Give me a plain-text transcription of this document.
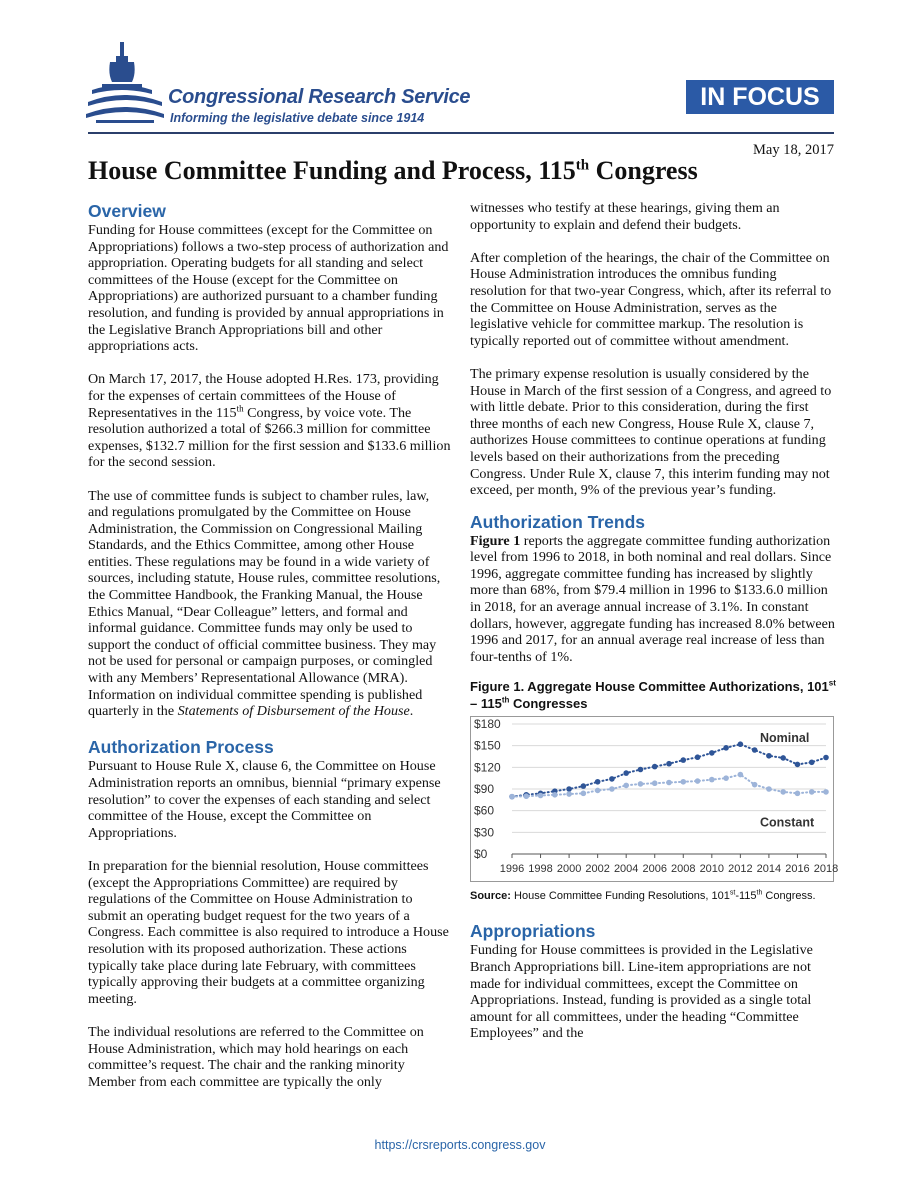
Congressional Research Service
Informing the legislative debate since 1914
IN FOCUS
May 18, 2017
House Committee Funding and Process, 115th Congress
Overview

Funding for House committees (except for the Committee on Appropriations) follows a two-step process of authorization and appropriation. Operating budgets for all standing and select committees of the House (except for the Committee on Appropriations) are authorized pursuant to a chamber funding resolution, and funding is provided by annual appropriations in the Legislative Branch Appropriations bill and other appropriations acts.

On March 17, 2017, the House adopted H.Res. 173, providing for the expenses of certain committees of the House of Representatives in the 115th Congress, by voice vote. The resolution authorized a total of $266.3 million for committee expenses, $132.7 million for the first session and $133.6 million for the second session.

The use of committee funds is subject to chamber rules, law, and regulations promulgated by the Committee on House Administration, the Commission on Congressional Mailing Standards, and the Ethics Committee, among other House entities. These regulations may be found in a wide variety of sources, including statute, House rules, committee resolutions, the Committee Handbook, the Franking Manual, the House Ethics Manual, “Dear Colleague” letters, and formal and informal guidance. Committee funds may only be used to support the conduct of official committee business. They may not be used for personal or campaign purposes, or comingled with any Members’ Representational Allowance (MRA). Information on individual committee spending is published quarterly in the Statements of Disbursement of the House.

Authorization Process

Pursuant to House Rule X, clause 6, the Committee on House Administration reports an omnibus, biennial “primary expense resolution” to cover the expenses of each standing and select committee of the House, except the Committee on Appropriations.

In preparation for the biennial resolution, House committees (except the Appropriations Committee) are required by regulations of the Committee on House Administration to submit an operating budget request for the two years of a Congress. Each committee is also required to introduce a House resolution with its proposed authorization. These actions typically take place during late February, with committees typically approving their budgets at a committee organizing meeting.

The individual resolutions are referred to the Committee on House Administration, which may hold hearings on each committee’s request. The chair and the ranking minority Member from each committee are typically the only

witnesses who testify at these hearings, giving them an opportunity to explain and defend their budgets.

After completion of the hearings, the chair of the Committee on House Administration introduces the omnibus funding resolution for that two-year Congress, which, after its referral to the Committee on House Administration, serves as the legislative vehicle for committee markup. The resolution is typically reported out of committee without amendment.

The primary expense resolution is usually considered by the House in March of the first session of a Congress, and agreed to with little debate. Prior to this consideration, during the first three months of each new Congress, House Rule X, clause 7, authorizes House committees to continue operations at funding levels based on their authorizations from the preceding Congress. Under Rule X, clause 7, this interim funding may not exceed, per month, 9% of the previous year’s funding.

Authorization Trends

Figure 1 reports the aggregate committee funding authorization level from 1996 to 2018, in both nominal and real dollars. Since 1996, aggregate committee funding has increased by slightly more than 68%, from $79.4 million in 1996 to $133.6.0 million in 2018, for an average annual increase of 3.1%. In constant dollars, however, aggregate funding has increased 8.0% between 1996 and 2017, for an annual average real increase of less than four-tenths of 1%.

Figure 1. Aggregate House Committee Authorizations, 101st – 115th Congresses
$0
$30
$60
$90
$120
$150
$180
1996 1998 2000 2002 2004 2006 2008 2010 2012 2014 2016 2018
Nominal
Constant
Source: House Committee Funding Resolutions, 101st-115th Congress.
Appropriations

Funding for House committees is provided in the Legislative Branch Appropriations bill. Line-item appropriations are not made for individual committees, except the Committee on Appropriations. Instead, funding is provided as a single total amount for all committees, under the heading “Committee Employees” and the

https://crsreports.congress.gov
